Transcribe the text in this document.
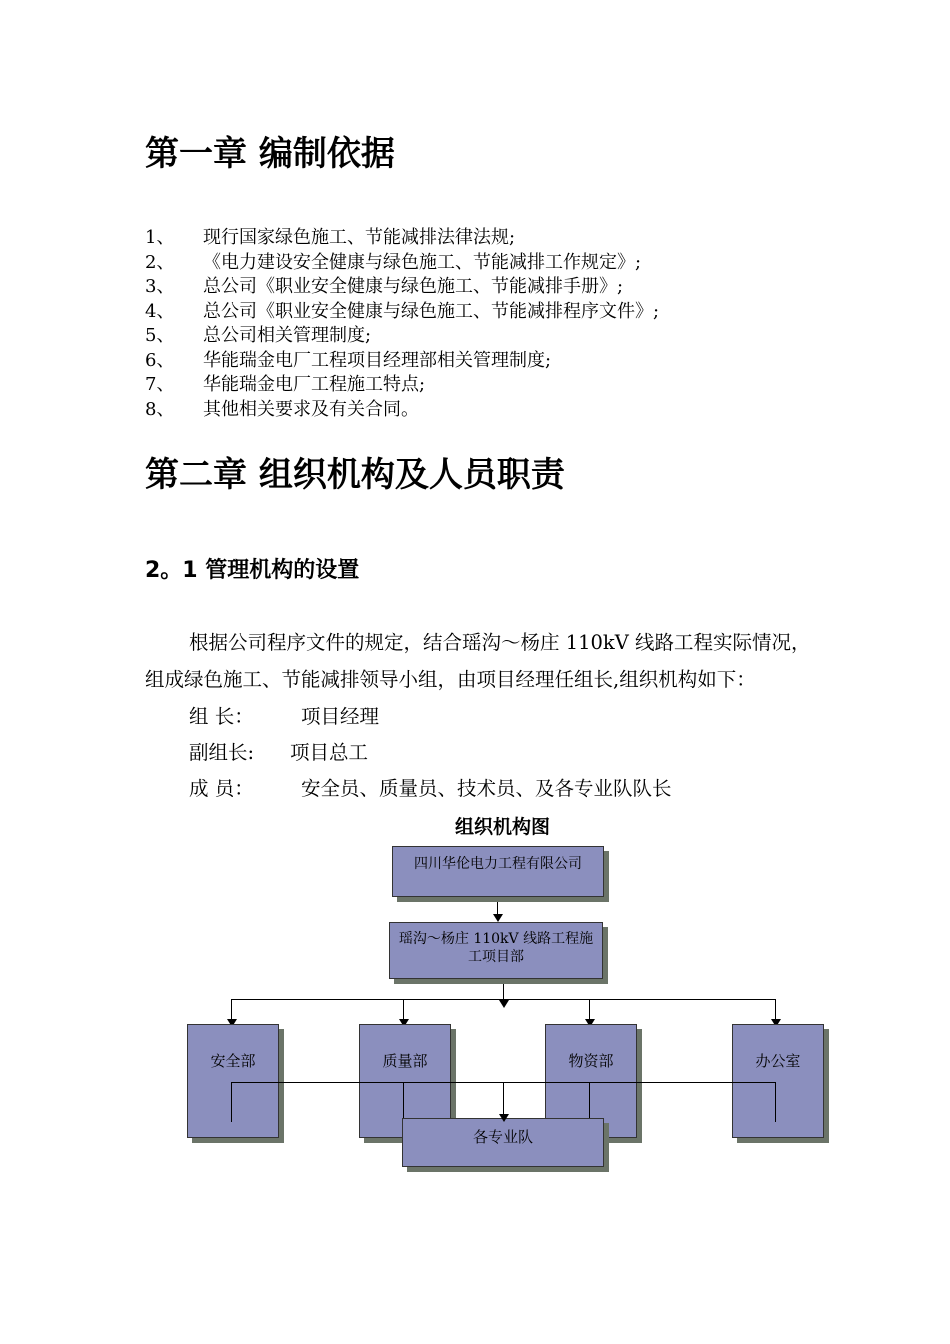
第一章 编制依据
1、 现行国家绿色施工、节能减排法律法规;
2、 《电力建设安全健康与绿色施工、节能减排工作规定》;
3、 总公司《职业安全健康与绿色施工、节能减排手册》;
4、 总公司《职业安全健康与绿色施工、节能减排程序文件》;
5、 总公司相关管理制度;
6、 华能瑞金电厂工程项目经理部相关管理制度;
7、 华能瑞金电厂工程施工特点;
8、 其他相关要求及有关合同。
第二章 组织机构及人员职责
2。1 管理机构的设置
根据公司程序文件的规定，结合瑶沟～杨庄 110kV 线路工程实际情况，
组成绿色施工、节能减排领导小组，由项目经理任组长,组织机构如下：
组 长： 项目经理
副组长: 项目总工
成 员： 安全员、质量员、技术员、及各专业队队长
组织机构图
四川华伦电力工程有限公司
瑶沟～杨庄 110kV 线路工程施
工项目部
安全部	质量部	物资部	办公室
各专业队
